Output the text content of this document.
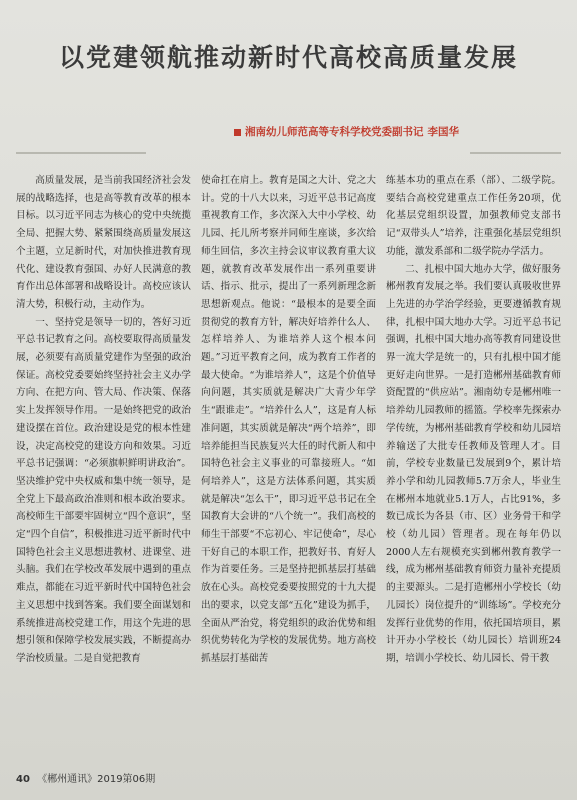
以党建领航推动新时代高校高质量发展
湘南幼儿师范高等专科学校党委副书记 李国华

高质量发展，是当前我国经济社会发展的战略选择，也是高等教育改革的根本目标。以习近平同志为核心的党中央统揽全局、把握大势、紧紧围绕高质量发展这个主题，立足新时代，对加快推进教育现代化、建设教育强国、办好人民满意的教育作出总体部署和战略设计。高校应该认清大势，积极行动，主动作为。

一、坚持党是领导一切的，答好习近平总书记教育之问。高校要取得高质量发展，必须要有高质量党建作为坚强的政治保证。高校党委要始终坚持社会主义办学方向、在把方向、管大局、作决策、保落实上发挥领导作用。一是始终把党的政治建设摆在首位。政治建设是党的根本性建设，决定高校党的建设方向和效果。习近平总书记强调：“必须旗帜鲜明讲政治”。坚决维护党中央权威和集中统一领导，是全党上下最高政治准则和根本政治要求。高校师生干部要牢固树立“四个意识”，坚定“四个自信”，积极推进习近平新时代中国特色社会主义思想进教材、进课堂、进头脑。我们在学校改革发展中遇到的重点难点，都能在习近平新时代中国特色社会主义思想中找到答案。我们要全面谋划和系统推进高校党建工作，用这个先进的思想引领和保障学校发展实践，不断提高办学治校质量。二是自觉把教育

使命扛在肩上。教育是国之大计、党之大计。党的十八大以来，习近平总书记高度重视教育工作，多次深入大中小学校、幼儿园、托儿所考察并同师生座谈，多次给师生回信，多次主持会议审议教育重大议题，就教育改革发展作出一系列重要讲话、指示、批示，提出了一系列新理念新思想新观点。他说：“最根本的是要全面贯彻党的教育方针，解决好培养什么人、怎样培养人、为谁培养人这个根本问题。”习近平教育之问，成为教育工作者的最大使命。“为谁培养人”，这是个价值导向问题，其实质就是解决广大青少年学生“跟谁走”。“培养什么人”，这是育人标准问题，其实质就是解决“两个培养”，即培养能担当民族复兴大任的时代新人和中国特色社会主义事业的可靠接班人。“如何培养人”，这是方法体系问题，其实质就是解决“怎么干”，即习近平总书记在全国教育大会讲的“八个统一”。我们高校的师生干部要“不忘初心、牢记使命”，尽心干好自己的本职工作，把教好书、育好人作为首要任务。三是坚持把抓基层打基础放在心头。高校党委要按照党的十九大提出的要求，以党支部“五化”建设为抓手，全面从严治党，将党组织的政治优势和组织优势转化为学校的发展优势。地方高校抓基层打基础苦

练基本功的重点在系（部）、二级学院。要结合高校党建重点工作任务20项，优化基层党组织设置，加强教师党支部书记“双带头人”培养，注重强化基层党组织功能，激发系部和二级学院办学活力。

二、扎根中国大地办大学，做好服务郴州教育发展之举。我们要认真吸收世界上先进的办学治学经验，更要遵循教育规律，扎根中国大地办大学。习近平总书记强调，扎根中国大地办高等教育同建设世界一流大学是统一的，只有扎根中国才能更好走向世界。一是打造郴州基础教育师资配置的“供应站”。湘南幼专是郴州唯一培养幼儿园教师的摇篮。学校率先探索办学传统，为郴州基础教育学校和幼儿园培养输送了大批专任教师及管理人才。目前，学校专业数量已发展到9个，累计培养小学和幼儿园教师5.7万余人，毕业生在郴州本地就业5.1万人，占比91%，多数已成长为各县（市、区）业务骨干和学校（幼儿园）管理者。现在每年仍以2000人左右规模充实到郴州教育教学一线，成为郴州基础教育师资力量补充提质的主要源头。二是打造郴州小学校长（幼儿园长）岗位提升的“训练场”。学校充分发挥行业优势的作用，依托国培项目，累计开办小学校长（幼儿园长）培训班24期，培训小学校长、幼儿园长、骨干教

40 《郴州通讯》2019第06期
